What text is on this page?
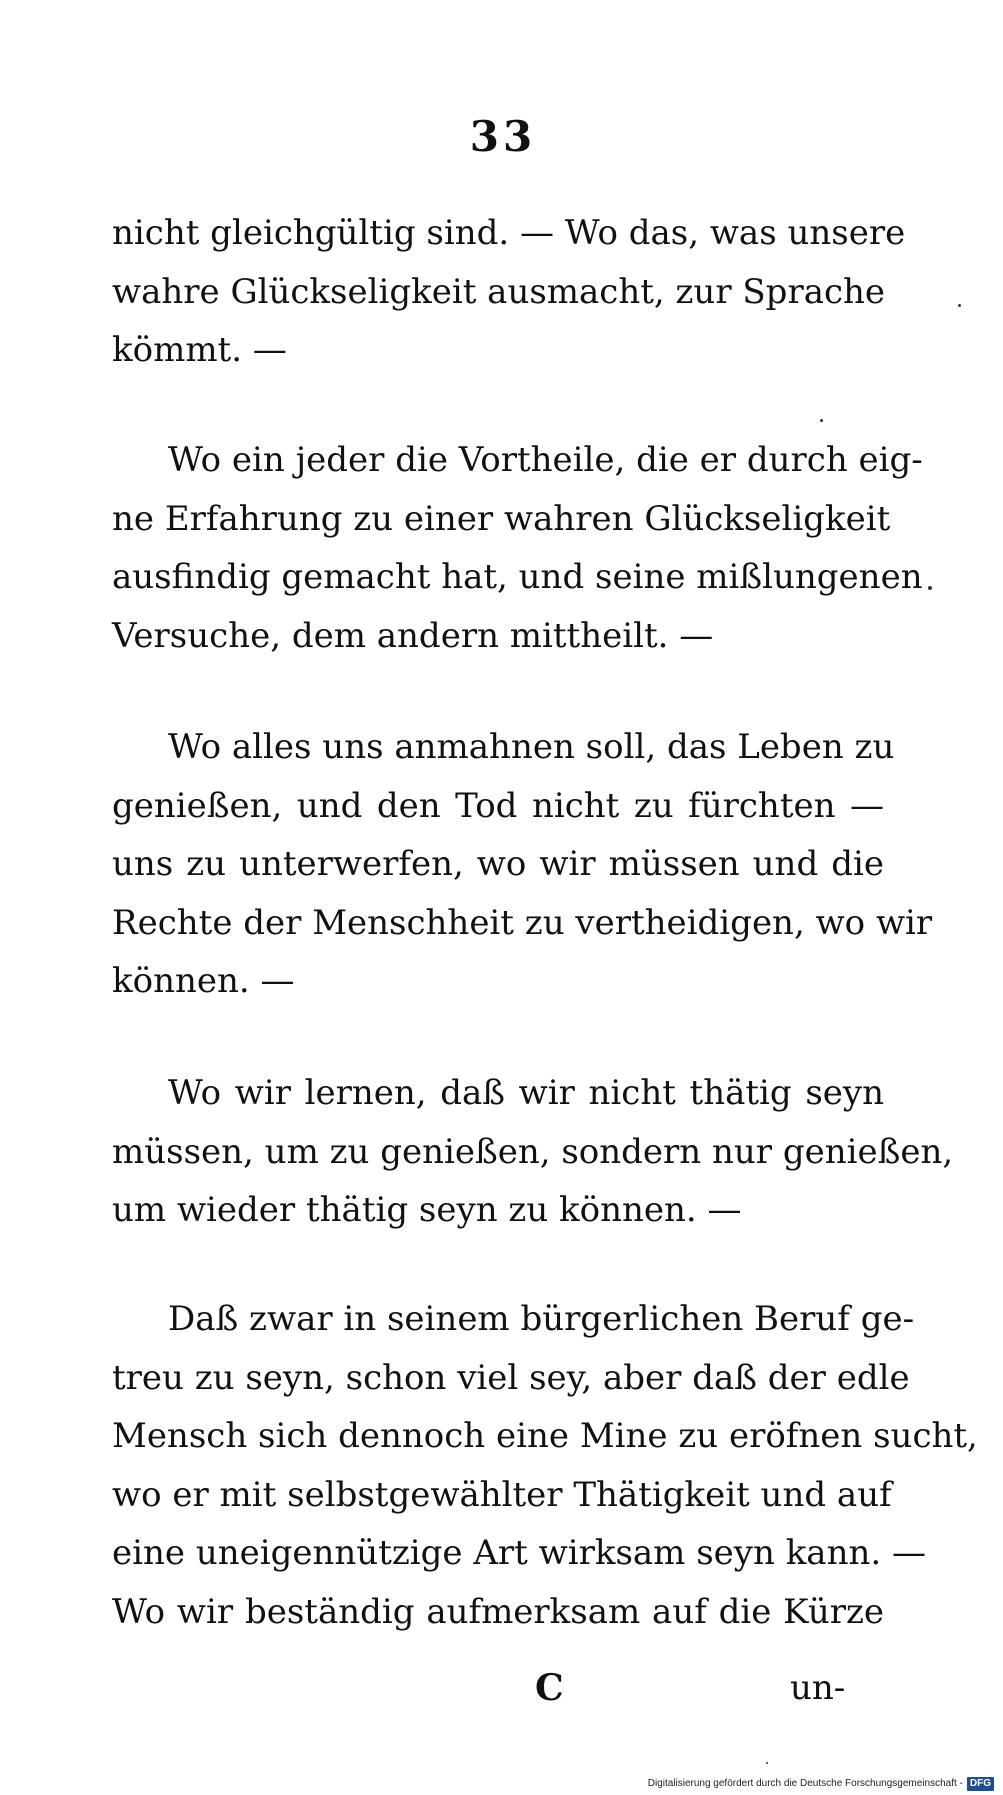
33
nicht gleichgültig sind. — Wo das, was unsere
wahre Glückseligkeit ausmacht, zur Sprache
kömmt. —
Wo ein jeder die Vortheile, die er durch eig-
ne Erfahrung zu einer wahren Glückseligkeit
ausfindig gemacht hat, und seine mißlungenen
Versuche, dem andern mittheilt. —
Wo alles uns anmahnen soll, das Leben zu
genießen, und den Tod nicht zu fürchten —
uns zu unterwerfen, wo wir müssen und die
Rechte der Menschheit zu vertheidigen, wo wir
können. —
Wo wir lernen, daß wir nicht thätig seyn
müssen, um zu genießen, sondern nur genießen,
um wieder thätig seyn zu können. —
Daß zwar in seinem bürgerlichen Beruf ge-
treu zu seyn, schon viel sey, aber daß der edle
Mensch sich dennoch eine Mine zu eröfnen sucht,
wo er mit selbstgewählter Thätigkeit und auf
eine uneigennützige Art wirksam seyn kann. —
Wo wir beständig aufmerksam auf die Kürze
C	un-
Digitalisierung gefördert durch die Deutsche Forschungsgemeinschaft - DFG
